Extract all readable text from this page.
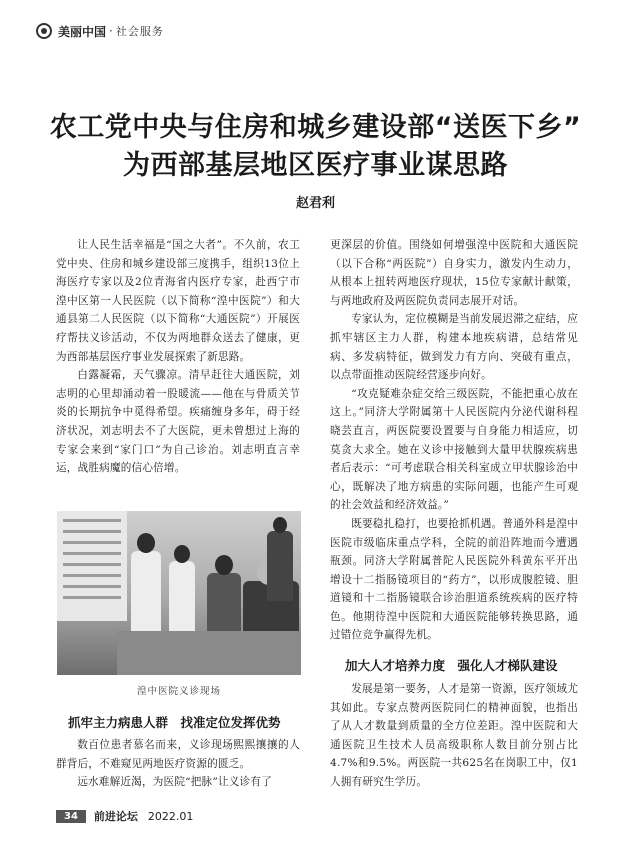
美丽中国 · 社会服务
农工党中央与住房和城乡建设部“送医下乡”
为西部基层地区医疗事业谋思路
赵君利

让人民生活幸福是“国之大者”。不久前，农工党中央、住房和城乡建设部三度携手，组织13位上海医疗专家以及2位青海省内医疗专家，赴西宁市湟中区第一人民医院（以下简称“湟中医院”）和大通县第二人民医院（以下简称“大通医院”）开展医疗帮扶义诊活动，不仅为两地群众送去了健康，更为西部基层医疗事业发展探索了新思路。

白露凝霜，天气骤凉。清早赶往大通医院，刘志明的心里却涌动着一股暖流——他在与骨质关节炎的长期抗争中觅得希望。疾痛缠身多年，碍于经济状况，刘志明去不了大医院，更未曾想过上海的专家会来到“家门口”为自己诊治。刘志明直言幸运，战胜病魔的信心倍增。

湟中医院义诊现场
抓牢主力病患人群　找准定位发挥优势

数百位患者慕名而来，义诊现场熙熙攘攘的人群背后，不难窥见两地医疗资源的匮乏。

远水难解近渴，为医院“把脉”让义诊有了

更深层的价值。围绕如何增强湟中医院和大通医院（以下合称“两医院”）自身实力，激发内生动力，从根本上扭转两地医疗现状，15位专家献计献策，与两地政府及两医院负责同志展开对话。

专家认为，定位模糊是当前发展迟滞之症结，应抓牢辖区主力人群，构建本地疾病谱，总结常见病、多发病特征，做到发力有方向、突破有重点，以点带面推动医院经营逐步向好。

“攻克疑难杂症交给三级医院，不能把重心放在这上。”同济大学附属第十人民医院内分泌代谢科程晓芸直言，两医院要设置要与自身能力相适应，切莫贪大求全。她在义诊中接触到大量甲状腺疾病患者后表示：“可考虑联合相关科室成立甲状腺诊治中心，既解决了地方病患的实际问题，也能产生可观的社会效益和经济效益。”

既要稳扎稳打，也要抢抓机遇。普通外科是湟中医院市级临床重点学科，全院的前沿阵地而今遭遇瓶颈。同济大学附属普陀人民医院外科黄东平开出增设十二指肠镜项目的“药方”，以形成腹腔镜、胆道镜和十二指肠镜联合诊治胆道系统疾病的医疗特色。他期待湟中医院和大通医院能够转换思路，通过错位竞争赢得先机。

加大人才培养力度　强化人才梯队建设

发展是第一要务，人才是第一资源，医疗领域尤其如此。专家点赞两医院同仁的精神面貌，也指出了从人才数量到质量的全方位差距。湟中医院和大通医院卫生技术人员高级职称人数目前分别占比4.7%和9.5%。两医院一共625名在岗职工中，仅1人拥有研究生学历。

34	前进论坛 2022.01
